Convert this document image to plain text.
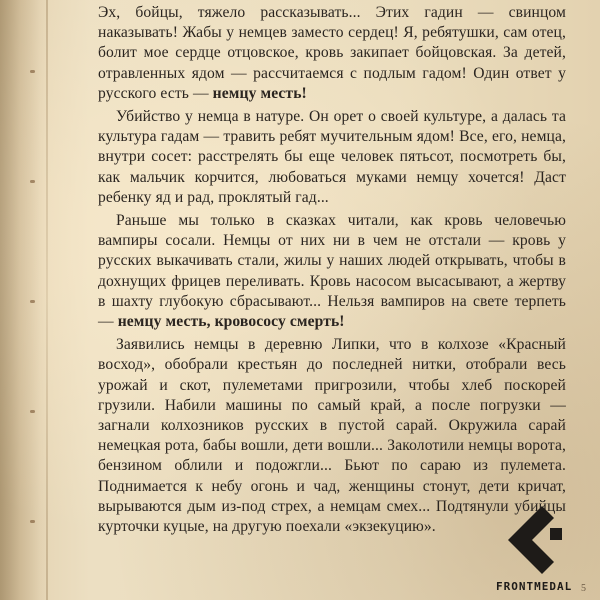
Эх, бойцы, тяжело рассказывать... Этих гадин — свинцом наказывать! Жабы у немцев заместо сердец! Я, ребятушки, сам отец, болит мое сердце отцовское, кровь закипает бойцовская. За детей, отравленных ядом — рассчитаемся с подлым гадом! Один ответ у русского есть — немцу месть!

Убийство у немца в натуре. Он орет о своей культуре, а далась та культура гадам — травить ребят мучительным ядом! Все, его, немца, внутри сосет: расстрелять бы еще человек пятьсот, посмотреть бы, как мальчик корчится, любоваться муками немцу хочется! Даст ребенку яд и рад, проклятый гад...

Раньше мы только в сказках читали, как кровь человечью вампиры сосали. Немцы от них ни в чем не отстали — кровь у русских выкачивать стали, жилы у наших людей открывать, чтобы в дохнущих фрицев переливать. Кровь насосом высасывают, а жертву в шахту глубокую сбрасывают... Нельзя вампиров на свете терпеть — немцу месть, кровососу смерть!

Заявились немцы в деревню Липки, что в колхозе «Красный восход», обобрали крестьян до последней нитки, отобрали весь урожай и скот, пулеметами пригрозили, чтобы хлеб поскорей грузили. Набили машины по самый край, а после погрузки — загнали колхозников русских в пустой сарай. Окружила сарай немецкая рота, бабы вошли, дети вошли... Заколотили немцы ворота, бензином облили и подожгли... Бьют по сараю из пулемета. Поднимается к небу огонь и чад, женщины стонут, дети кричат, вырываются дым из-под стрех, а немцам смех... Подтянули убийцы курточки куцые, на другую поехали «экзекуцию».

5
FRONTMEDAL
